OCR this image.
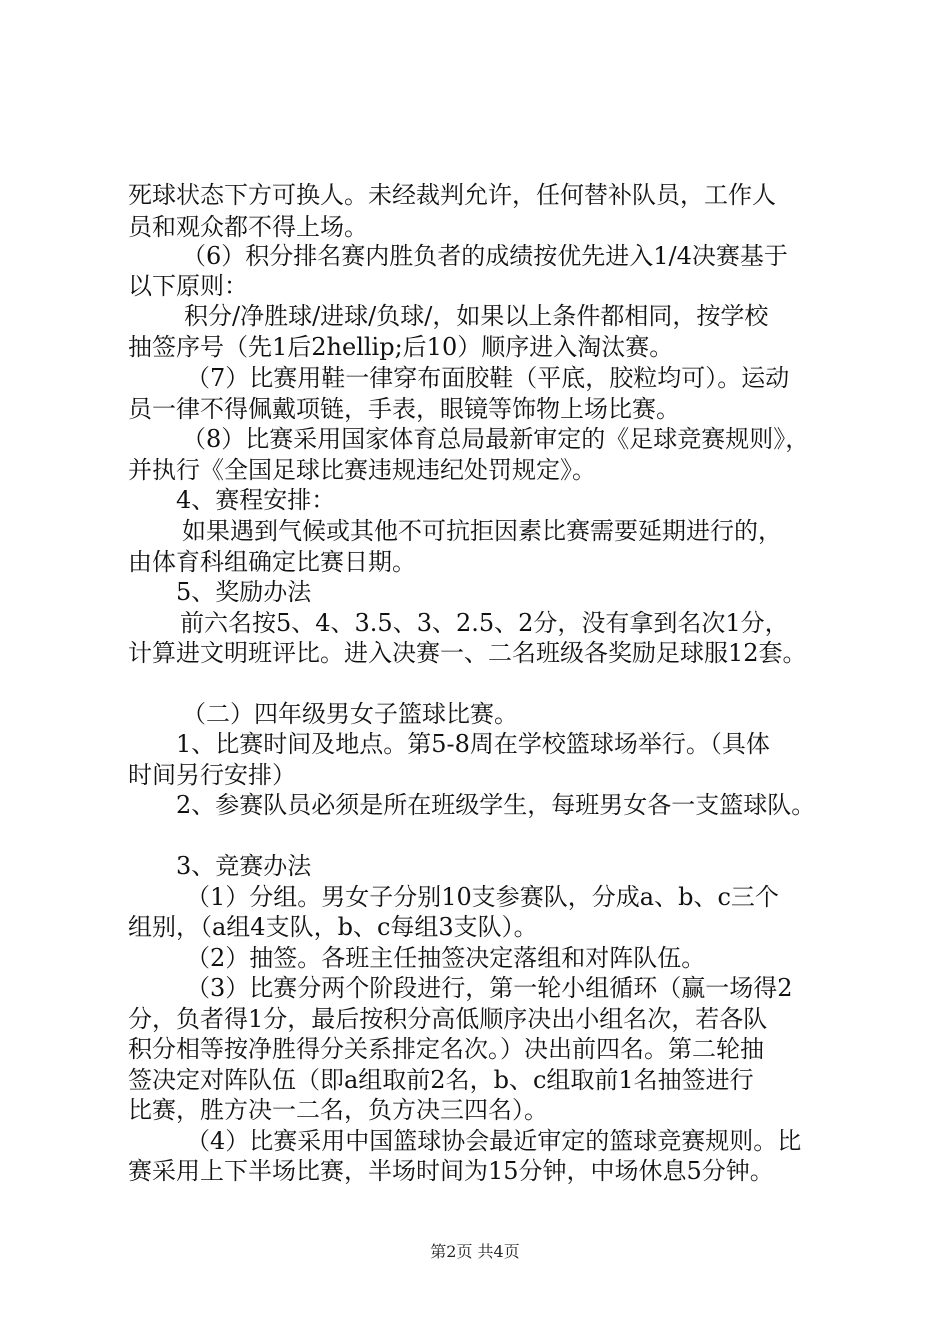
死球状态下方可换人。未经裁判允许，任何替补队员，工作人
员和观众都不得上场。
（6）积分排名赛内胜负者的成绩按优先进入1/4决赛基于
以下原则：
积分/净胜球/进球/负球/，如果以上条件都相同，按学校
抽签序号（先1后2hellip;后10）顺序进入淘汰赛。
（7）比赛用鞋一律穿布面胶鞋（平底，胶粒均可）。运动
员一律不得佩戴项链，手表，眼镜等饰物上场比赛。
（8）比赛采用国家体育总局最新审定的《足球竞赛规则》，
并执行《全国足球比赛违规违纪处罚规定》。
4、赛程安排：
如果遇到气候或其他不可抗拒因素比赛需要延期进行的，
由体育科组确定比赛日期。
5、奖励办法
前六名按5、4、3.5、3、2.5、2分，没有拿到名次1分，
计算进文明班评比。进入决赛一、二名班级各奖励足球服12套。
（二）四年级男女子篮球比赛。
1、比赛时间及地点。第5-8周在学校篮球场举行。（具体
时间另行安排）
2、参赛队员必须是所在班级学生，每班男女各一支篮球队。
3、竞赛办法
（1）分组。男女子分别10支参赛队，分成a、b、c三个
组别，（a组4支队，b、c每组3支队）。
（2）抽签。各班主任抽签决定落组和对阵队伍。
（3）比赛分两个阶段进行，第一轮小组循环（赢一场得2
分，负者得1分，最后按积分高低顺序决出小组名次，若各队
积分相等按净胜得分关系排定名次。）决出前四名。第二轮抽
签决定对阵队伍（即a组取前2名，b、c组取前1名抽签进行
比赛，胜方决一二名，负方决三四名）。
（4）比赛采用中国篮球协会最近审定的篮球竞赛规则。比
赛采用上下半场比赛，半场时间为15分钟，中场休息5分钟。
第2页 共4页
